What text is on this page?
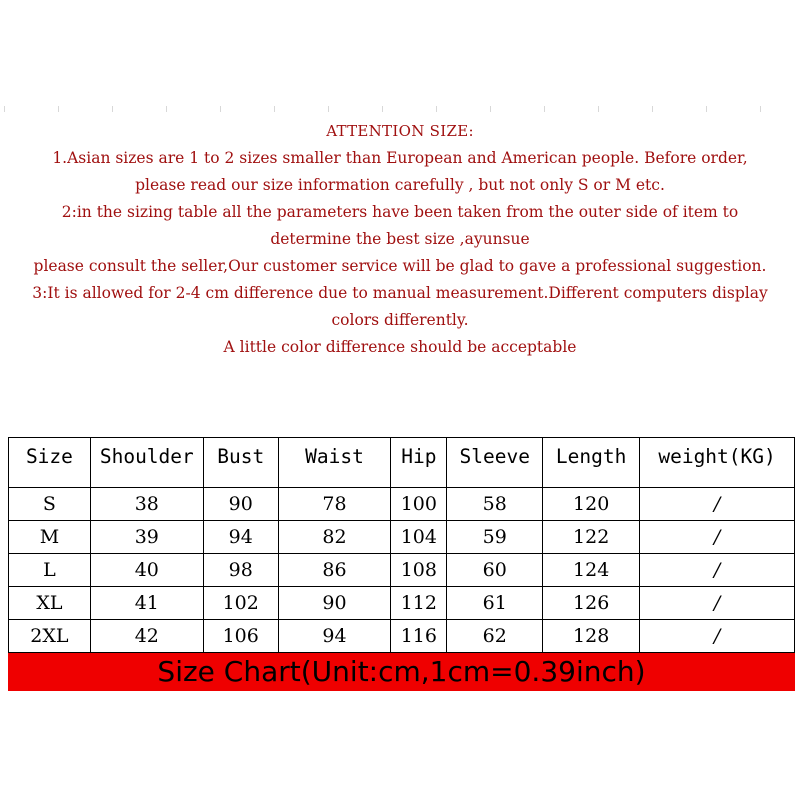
ATTENTION SIZE:
1.Asian sizes are 1 to 2 sizes smaller than European and American people. Before order,
please read our size information carefully , but not only S or M etc.
2:in the sizing table all the parameters have been taken from the outer side of item to
determine the best size ,ayunsue
please consult the seller,Our customer service will be glad to gave a professional suggestion.
3:It is allowed for 2-4 cm difference due to manual measurement.Different computers display
colors differently.
A little color difference should be acceptable
Size	Shoulder	Bust	Waist	Hip	Sleeve	Length	weight(KG)
S	38	90	78	100	58	120	/
M	39	94	82	104	59	122	/
L	40	98	86	108	60	124	/
XL	41	102	90	112	61	126	/
2XL	42	106	94	116	62	128	/
Size Chart(Unit:cm,1cm=0.39inch)
